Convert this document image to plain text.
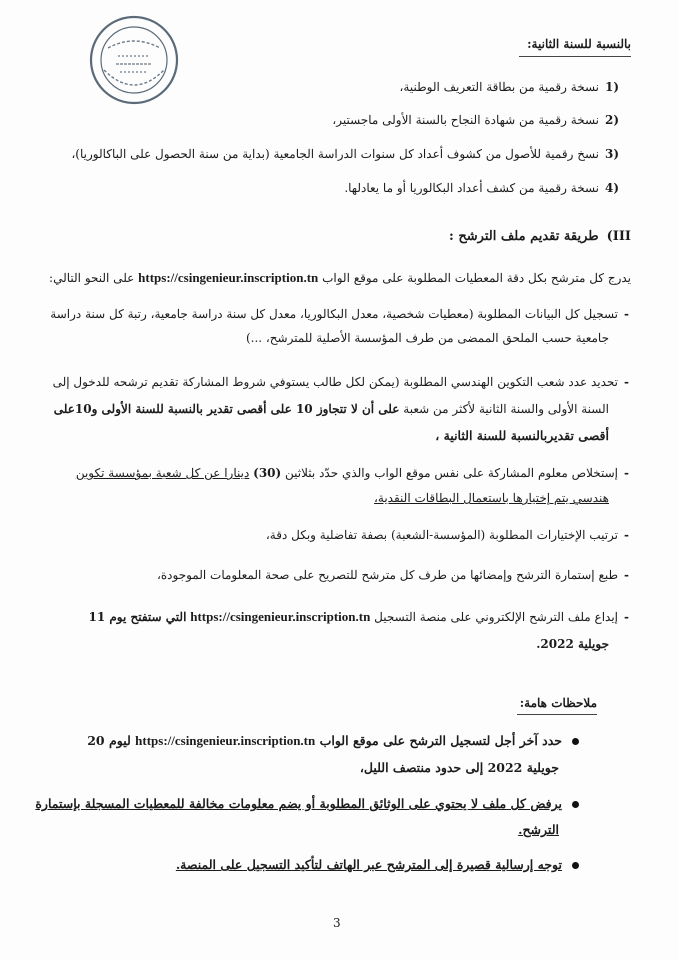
بالنسبة للسنة الثانية:
1)نسخة رقمية من بطاقة التعريف الوطنية،
2)نسخة رقمية من شهادة النجاح بالسنة الأولى ماجستير،
3)نسخ رقمية للأصول من كشوف أعداد كل سنوات الدراسة الجامعية (بداية من سنة الحصول على الباكالوريا)،
4)نسخة رقمية من كشف أعداد البكالوريا أو ما يعادلها.
III)طريقة تقديم ملف الترشح :
يدرج كل مترشح بكل دقة المعطيات المطلوبة على موقع الواب https://csingenieur.inscription.tn على النحو التالي:
-تسجيل كل البيانات المطلوبة (معطيات شخصية، معدل البكالوريا، معدل كل سنة دراسة جامعية، رتبة كل سنة دراسة
جامعية حسب الملحق الممضى من طرف المؤسسة الأصلية للمترشح، ...)
-تحديد عدد شعب التكوين الهندسي المطلوبة (يمكن لكل طالب يستوفي شروط المشاركة تقديم ترشحه للدخول إلى
السنة الأولى والسنة الثانية لأكثر من شعبة على أن لا تتجاوز 10 على أقصى تقدير بالنسبة للسنة الأولى و10على
أقصى تقديربالنسبة للسنة الثانية ،
-إستخلاص معلوم المشاركة على نفس موقع الواب والذي حدّد بثلاثين (30) دينارا عن كل شعبة بمؤسسة تكوين
هندسي يتم إختيارها باستعمال البطاقات النقدية،
-ترتيب الإختيارات المطلوبة (المؤسسة-الشعبة) بصفة تفاضلية وبكل دقة،
-طبع إستمارة الترشح وإمضائها من طرف كل مترشح للتصريح على صحة المعلومات الموجودة،
-إيداع ملف الترشح الإلكتروني على منصة التسجيل https://csingenieur.inscription.tn التي ستفتح يوم 11
جويلية 2022.
ملاحظات هامة:
حدد آخر أجل لتسجيل الترشح على موقع الواب https://csingenieur.inscription.tn ليوم 20
جويلية 2022 إلى حدود منتصف الليل،
يرفض كل ملف لا يحتوي على الوثائق المطلوبة أو يضم معلومات مخالفة للمعطيات المسجلة بإستمارة
الترشح.
توجه إرسالية قصيرة إلى المترشح عبر الهاتف لتأكيد التسجيل على المنصة.
3
